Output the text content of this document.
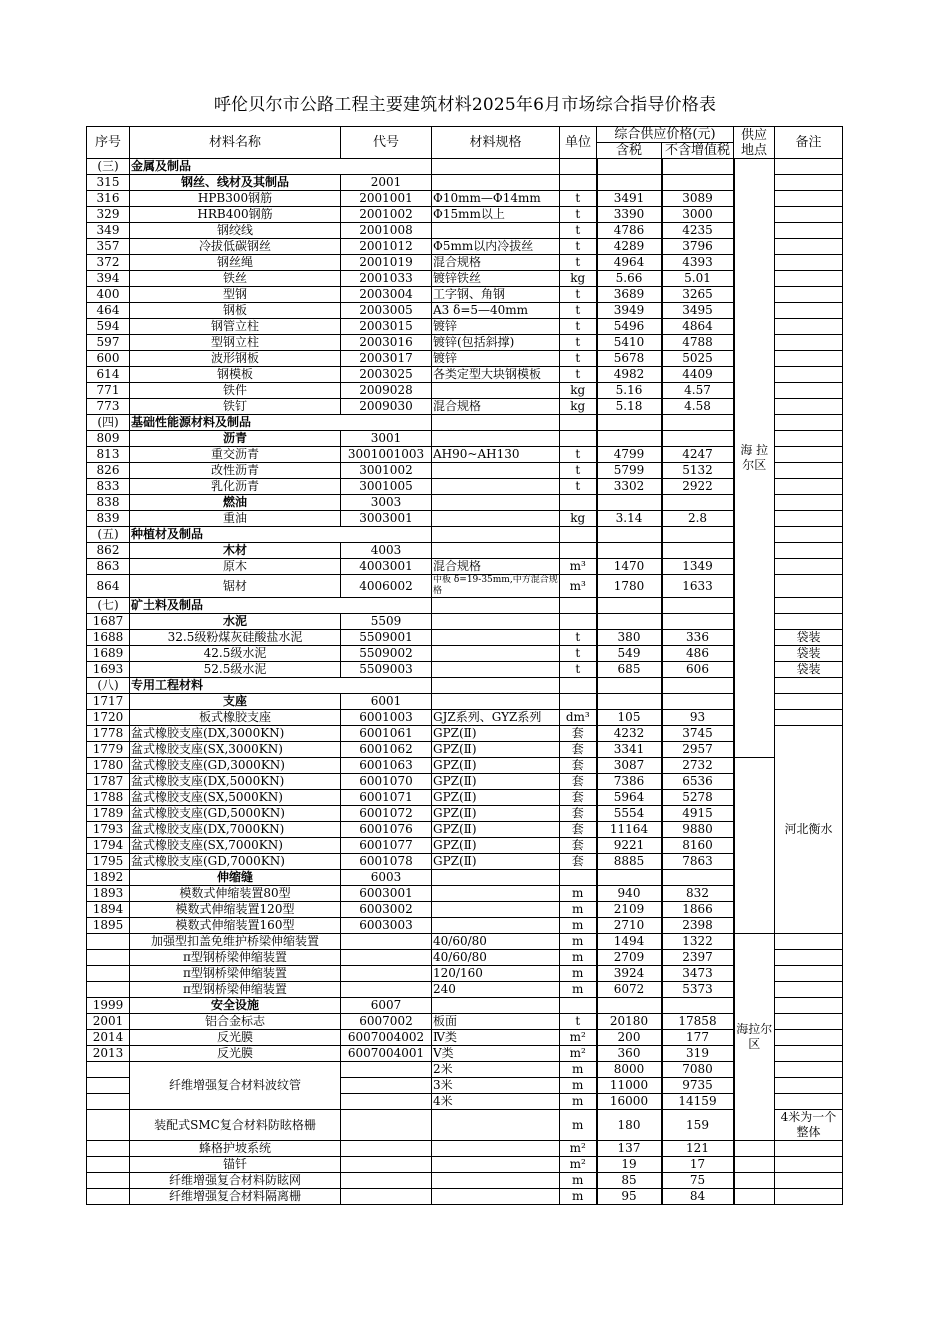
呼伦贝尔市公路工程主要建筑材料2025年6月市场综合指导价格表
序号	材料名称	代号	材料规格	单位	综合供应价格(元)		供应地点	备注	
					含税	不含增值税			
(三)	金属及制品						海 拉 尔区		
315	钢丝、线材及其制品	2001							
316	HPB300钢筋	2001001	Φ10mm—Φ14mm	t	3491	3089			
329	HRB400钢筋	2001002	Φ15mm以上	t	3390	3000			
349	钢绞线	2001008		t	4786	4235			
357	冷拔低碳钢丝	2001012	Φ5mm以内冷拔丝	t	4289	3796			
372	钢丝绳	2001019	混合规格	t	4964	4393			
394	铁丝	2001033	镀锌铁丝	kg	5.66	5.01			
400	型钢	2003004	工字钢、角钢	t	3689	3265			
464	钢板	2003005	A3 δ=5—40mm	t	3949	3495			
594	钢管立柱	2003015	镀锌	t	5496	4864			
597	型钢立柱	2003016	镀锌(包括斜撑)	t	5410	4788			
600	波形钢板	2003017	镀锌	t	5678	5025			
614	钢模板	2003025	各类定型大块钢模板	t	4982	4409			
771	铁件	2009028		kg	5.16	4.57			
773	铁钉	2009030	混合规格	kg	5.18	4.58			
(四)	基础性能源材料及制品								
809	沥青	3001							
813	重交沥青	3001001003	AH90~AH130	t	4799	4247			
826	改性沥青	3001002		t	5799	5132			
833	乳化沥青	3001005		t	3302	2922			
838	燃油	3003							
839	重油	3003001		kg	3.14	2.8			
(五)	种植材及制品								
862	木材	4003							
863	原木	4003001	混合规格	m³	1470	1349			
864	锯材	4006002	中板 δ=19-35mm,中方混合规格	m³	1780	1633			
(七)	矿土料及制品								
1687	水泥	5509							
1688	32.5级粉煤灰硅酸盐水泥	5509001		t	380	336		袋装	
1689	42.5级水泥	5509002		t	549	486		袋装	
1693	52.5级水泥	5509003		t	685	606		袋装	
(八)	专用工程材料								
1717	支座	6001							
1720	板式橡胶支座	6001003	GJZ系列、GYZ系列	dm³	105	93			
1778	盆式橡胶支座(DX,3000KN)	6001061	GPZ(Ⅱ)	套	4232	3745		河北衡水	
1779	盆式橡胶支座(SX,3000KN)	6001062	GPZ(Ⅱ)	套	3341	2957			
1780	盆式橡胶支座(GD,3000KN)	6001063	GPZ(Ⅱ)	套	3087	2732			
1787	盆式橡胶支座(DX,5000KN)	6001070	GPZ(Ⅱ)	套	7386	6536			
1788	盆式橡胶支座(SX,5000KN)	6001071	GPZ(Ⅱ)	套	5964	5278			
1789	盆式橡胶支座(GD,5000KN)	6001072	GPZ(Ⅱ)	套	5554	4915			
1793	盆式橡胶支座(DX,7000KN)	6001076	GPZ(Ⅱ)	套	11164	9880			
1794	盆式橡胶支座(SX,7000KN)	6001077	GPZ(Ⅱ)	套	9221	8160			
1795	盆式橡胶支座(GD,7000KN)	6001078	GPZ(Ⅱ)	套	8885	7863			
1892	伸缩缝	6003							
1893	模数式伸缩装置80型	6003001		m	940	832			
1894	模数式伸缩装置120型	6003002		m	2109	1866			
1895	模数式伸缩装置160型	6003003		m	2710	2398			
	加强型扣盖免维护桥梁伸缩装置		40/60/80	m	1494	1322	海拉尔区		
	π型钢桥梁伸缩装置		40/60/80	m	2709	2397			
	π型钢桥梁伸缩装置		120/160	m	3924	3473			
	π型钢桥梁伸缩装置		240	m	6072	5373			
1999	安全设施	6007							
2001	铝合金标志	6007002	板面	t	20180	17858			
2014	反光膜	6007004002	Ⅳ类	m²	200	177			
2013	反光膜	6007004001	Ⅴ类	m²	360	319			
	纤维增强复合材料波纹管		2米	m	8000	7080			
			3米	m	11000	9735			
			4米	m	16000	14159			
	装配式SMC复合材料防眩格栅			m	180	159		4米为一个整体	
	蜂格护坡系统			m²	137	121			
	锚钎			m²	19	17			
	纤维增强复合材料防眩网			m	85	75			
	纤维增强复合材料隔离栅			m	95	84			
